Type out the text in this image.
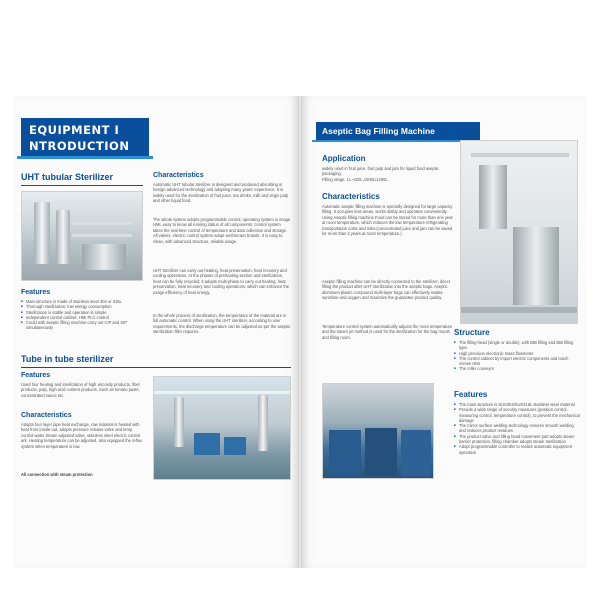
EQUIPMENT I
NTRODUCTION
UHT tubular Sterilizer	Characteristics
Automatic UHT tubular sterilizer is designed and produced absorbing in foreign advanced technology and adopting many years' experience. It is widely used for the sterilization of fruit juice, tea drinks, milk and virgin pulp and other liquid food.
The whole system adopts programmable control, operating system is image HMI, easy to know all running status of all components; control system takes the real-time control of temperature and data collection and storage. All valves, electric control system adopt well-known brands. It is easy to clean, with advanced structure, reliable usage.
UHT Sterilizer can carry out heating, heat preservation, heat recovery and cooling operations. At the phases of preheating section and sterilization, heat can be fully recycled; it adopts multi-phase to carry out heating, heat preservation, heat recovery and cooling operations, which can enhance the usage efficiency of heat energy.
In the whole process of sterilization, the temperature of the material are in full automatic control. When using the UHT sterilizer, according to user requirements, the discharge temperature can be adjusted as per the aseptic sterilization filler requires.
Features
■ Main structure is made of stainless steel 304 or 316L
■ Thorough sterilization, low energy consumption
■ Sterilization is stable and operation is simple
■ Independent control cabinet, HMI PLC control
■ Could with aseptic filling machine carry out CIP and SIP simultaneously
Tube in tube sterilizer
Features
Used four heating and sterilization of high viscosity products, fiber products, pulp, high acid content products. Such as tomato paste, concentrated sauce etc.
Characteristics
Adopts four layer pipe heat exchange, raw material is heated with heat from inside-out, adopts pressure release valve and temp control water Steam adjusted valve, stainless steel electric control ark. Heating temperature can be adjusted, also equipped the reflux system when temperature is low.
All connection with steam protection
Aseptic Bag Filling Machine
Application
widely used in fruit juice, fruit pulp and jam for liquid food aseptic packaging.
Filling range: 1L~220L,1000L/1400L
Characteristics
Automatic aseptic filling machine is specially designed for large capacity filling. It occupies less areas, works stably and operates conveniently. Using Aseptic filling machine Food can be stored for more than one year at room temperature, which reduces the low temperature refrigerating transportation costs and risks.(concentrated juice and jam can be saved for more than 2 years at room temperature.)
Aseptic filling machine can be directly connected to the sterilizer, direct filling the product after UHT sterilization into the aseptic bags. Aseptic aluminum plastic compound multi-layer bags can effectively isolate sunshine and oxygen and maximize the guarantee product quality.
Temperature control system automatically adjusts the room temperature and the steam jet method is used for the sterilization for the bag mouth and filling room.
Structure
■ The filling head (single or double), with BIB filling and BIB filling type.
■ High precision electronic mass flowmeter
■ The control cabinet by import electric components and touch screen HMI
■ The roller conveyor
Features
■ The main structure is SUS304/SUS316L stainless steel material
■ Provide a wide range of security measures (position control, measuring control, temperature control), to prevent the mechanical damage
■ The mirror surface welding technology ensures smooth welding and reduces product residues
■ The product valve and filling head movement part adopts steam barrier protection, filling chamber adopts steam sterilization
■ Adopt programmable controller to realize automatic equipment operation
